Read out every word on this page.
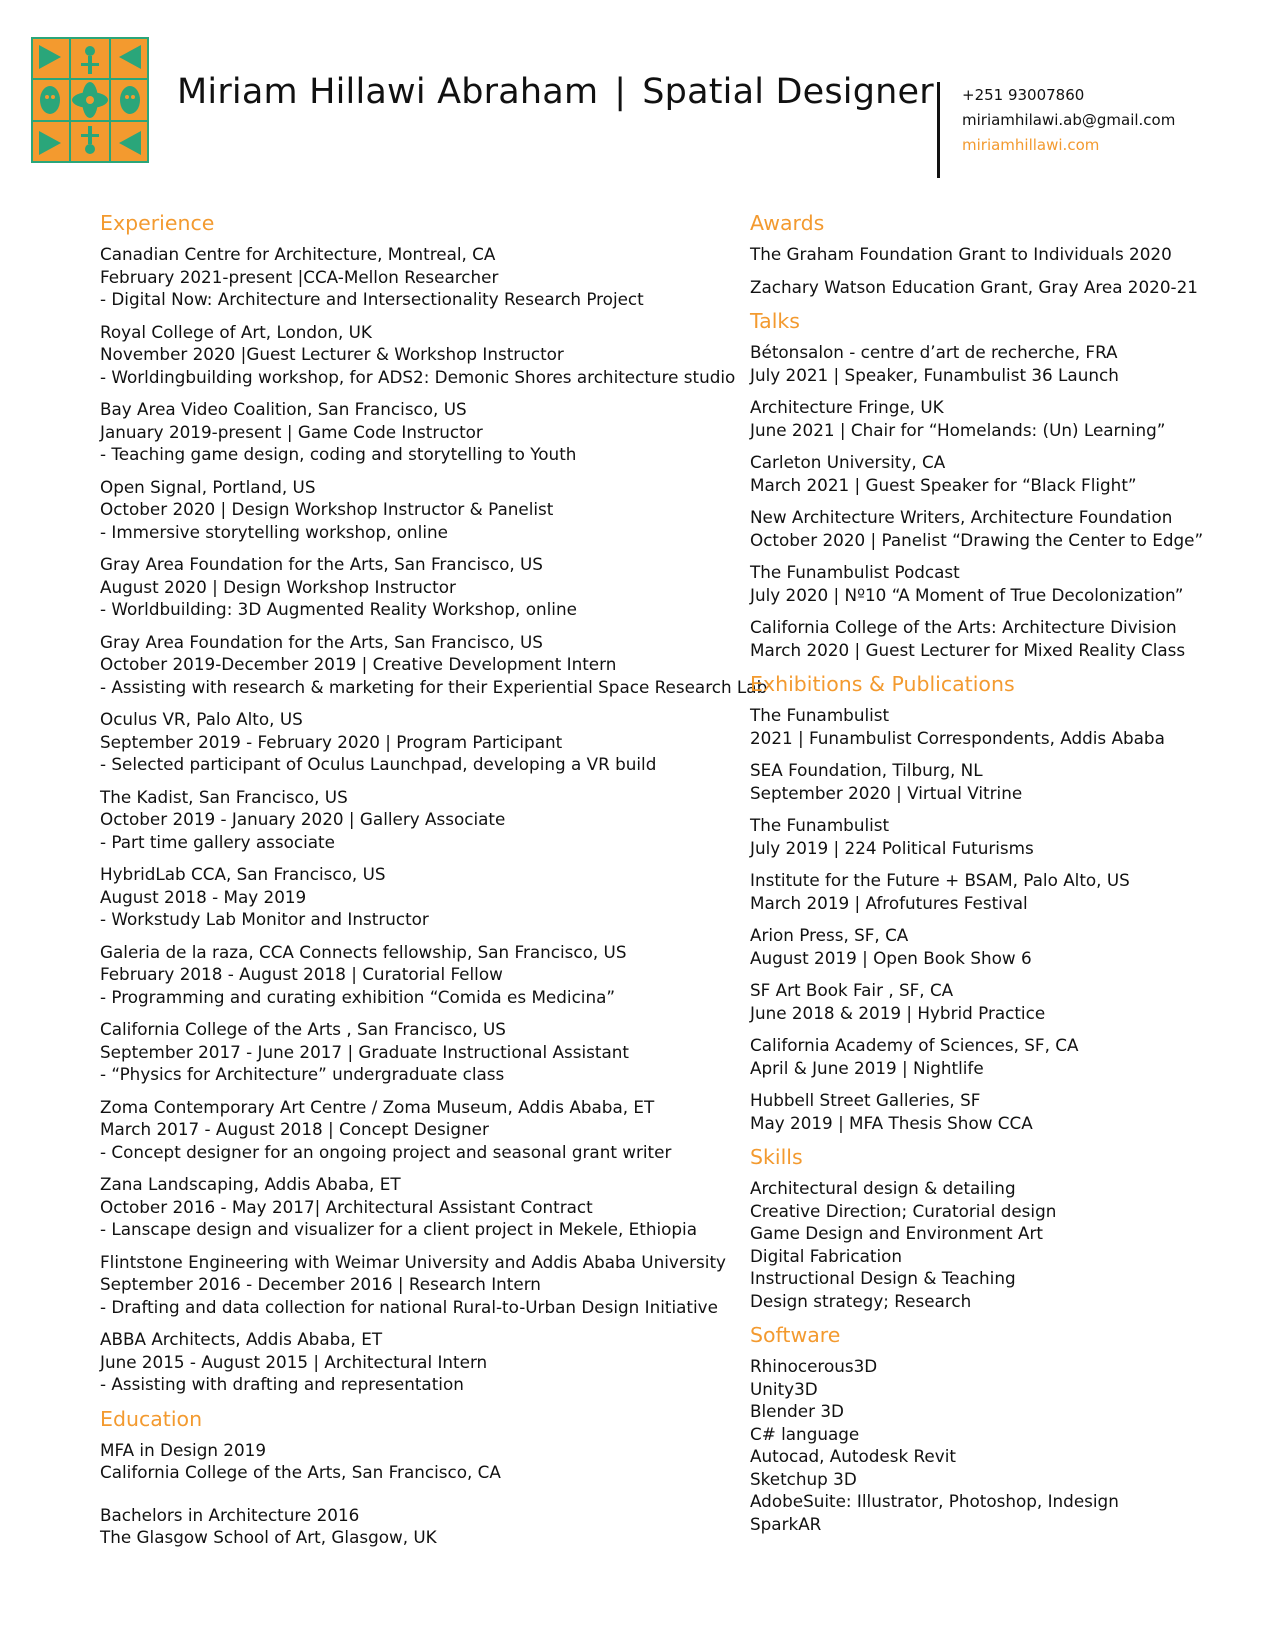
Miriam Hillawi Abraham | Spatial Designer +251 93007860
miriamhilawi.ab@gmail.com
miriamhillawi.com
Experience
Canadian Centre for Architecture, Montreal, CA
February 2021-present |CCA-Mellon Researcher
- Digital Now: Architecture and Intersectionality Research Project
Royal College of Art, London, UK
November 2020 |Guest Lecturer & Workshop Instructor
- Worldingbuilding workshop, for ADS2: Demonic Shores architecture studio
Bay Area Video Coalition, San Francisco, US
January 2019-present | Game Code Instructor
- Teaching game design, coding and storytelling to Youth
Open Signal, Portland, US
October 2020 | Design Workshop Instructor & Panelist
- Immersive storytelling workshop, online
Gray Area Foundation for the Arts, San Francisco, US
August 2020 | Design Workshop Instructor
- Worldbuilding: 3D Augmented Reality Workshop, online
Gray Area Foundation for the Arts, San Francisco, US
October 2019-December 2019 | Creative Development Intern
- Assisting with research & marketing for their Experiential Space Research Lab
Oculus VR, Palo Alto, US
September 2019 - February 2020 | Program Participant
- Selected participant of Oculus Launchpad, developing a VR build
The Kadist, San Francisco, US
October 2019 - January 2020 | Gallery Associate
- Part time gallery associate
HybridLab CCA, San Francisco, US
August 2018 - May 2019
- Workstudy Lab Monitor and Instructor
Galeria de la raza, CCA Connects fellowship, San Francisco, US
February 2018 - August 2018 | Curatorial Fellow
- Programming and curating exhibition “Comida es Medicina”
California College of the Arts , San Francisco, US
September 2017 - June 2017 | Graduate Instructional Assistant
- “Physics for Architecture” undergraduate class
Zoma Contemporary Art Centre / Zoma Museum, Addis Ababa, ET
March 2017 - August 2018 | Concept Designer
- Concept designer for an ongoing project and seasonal grant writer
Zana Landscaping, Addis Ababa, ET
October 2016 - May 2017| Architectural Assistant Contract
- Lanscape design and visualizer for a client project in Mekele, Ethiopia
Flintstone Engineering with Weimar University and Addis Ababa University
September 2016 - December 2016 | Research Intern
- Drafting and data collection for national Rural-to-Urban Design Initiative
ABBA Architects, Addis Ababa, ET
June 2015 - August 2015 | Architectural Intern
- Assisting with drafting and representation
Education
MFA in Design 2019
California College of the Arts, San Francisco, CA
Bachelors in Architecture 2016
The Glasgow School of Art, Glasgow, UK
Awards
The Graham Foundation Grant to Individuals 2020
Zachary Watson Education Grant, Gray Area 2020-21
Talks
Bétonsalon - centre d’art de recherche, FRA
July 2021 | Speaker, Funambulist 36 Launch
Architecture Fringe, UK
June 2021 | Chair for “Homelands: (Un) Learning”
Carleton University, CA
March 2021 | Guest Speaker for “Black Flight”
New Architecture Writers, Architecture Foundation
October 2020 | Panelist “Drawing the Center to Edge”
The Funambulist Podcast
July 2020 | Nº10 “A Moment of True Decolonization”
California College of the Arts: Architecture Division
March 2020 | Guest Lecturer for Mixed Reality Class
Exhibitions & Publications
The Funambulist
2021 | Funambulist Correspondents, Addis Ababa
SEA Foundation, Tilburg, NL
September 2020 | Virtual Vitrine
The Funambulist
July 2019 | 224 Political Futurisms
Institute for the Future + BSAM, Palo Alto, US
March 2019 | Afrofutures Festival
Arion Press, SF, CA
August 2019 | Open Book Show 6
SF Art Book Fair , SF, CA
June 2018 & 2019 | Hybrid Practice
California Academy of Sciences, SF, CA
April & June 2019 | Nightlife
Hubbell Street Galleries, SF
May 2019 | MFA Thesis Show CCA
Skills
Architectural design & detailing
Creative Direction; Curatorial design
Game Design and Environment Art
Digital Fabrication
Instructional Design & Teaching
Design strategy; Research
Software
Rhinocerous3D
Unity3D
Blender 3D
C# language
Autocad, Autodesk Revit
Sketchup 3D
AdobeSuite: Illustrator, Photoshop, Indesign
SparkAR
